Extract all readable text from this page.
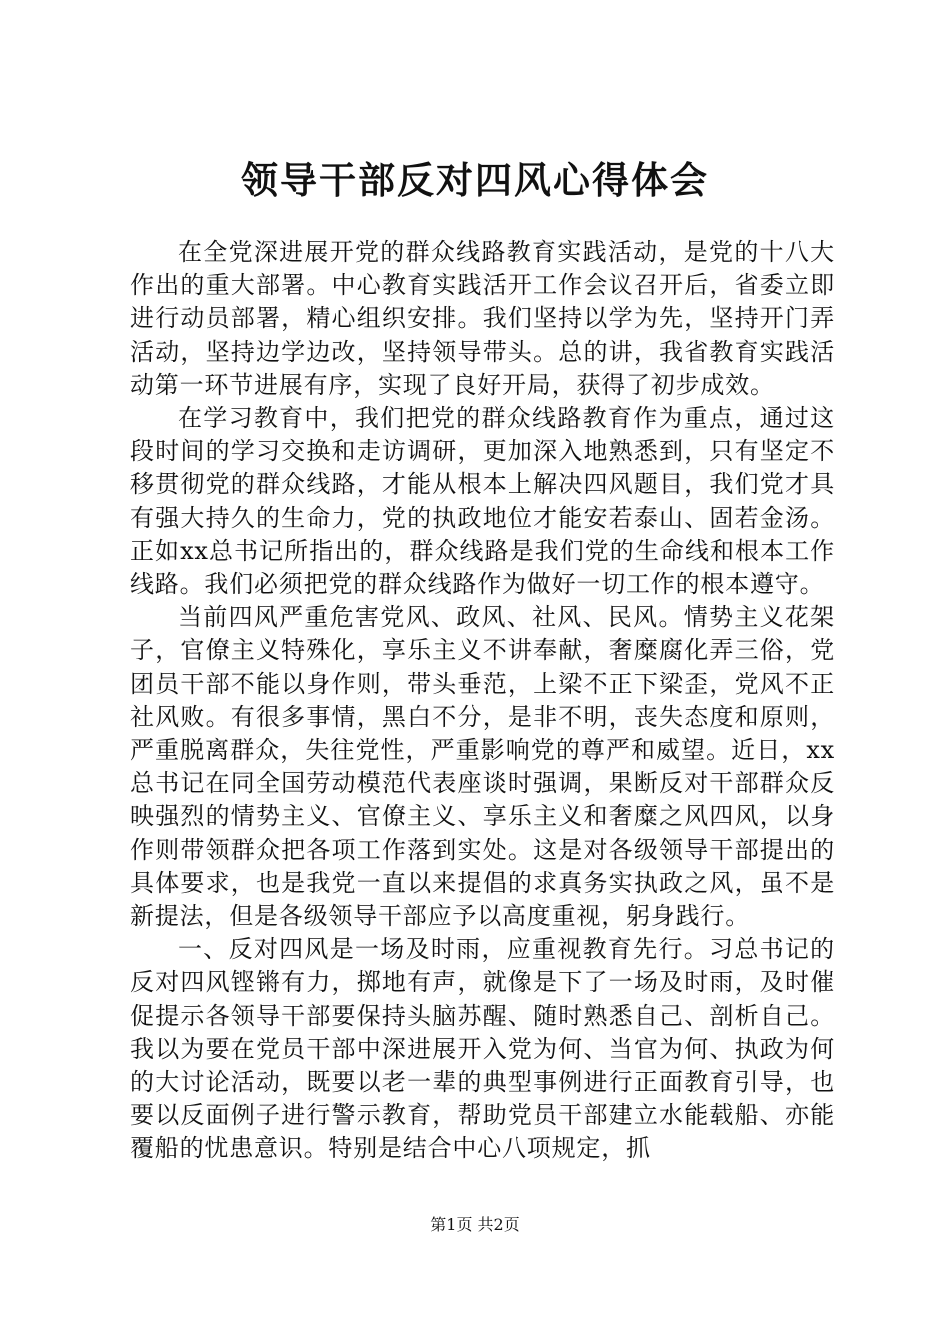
领导干部反对四风心得体会

在全党深进展开党的群众线路教育实践活动，是党的十八大作出的重大部署。中心教育实践活开工作会议召开后，省委立即进行动员部署，精心组织安排。我们坚持以学为先，坚持开门弄活动，坚持边学边改，坚持领导带头。总的讲，我省教育实践活动第一环节进展有序，实现了良好开局，获得了初步成效。

在学习教育中，我们把党的群众线路教育作为重点，通过这段时间的学习交换和走访调研，更加深入地熟悉到，只有坚定不移贯彻党的群众线路，才能从根本上解决四风题目，我们党才具有强大持久的生命力，党的执政地位才能安若泰山、固若金汤。正如xx总书记所指出的，群众线路是我们党的生命线和根本工作线路。我们必须把党的群众线路作为做好一切工作的根本遵守。

当前四风严重危害党风、政风、社风、民风。情势主义花架子，官僚主义特殊化，享乐主义不讲奉献，奢糜腐化弄三俗，党团员干部不能以身作则，带头垂范，上梁不正下梁歪，党风不正社风败。有很多事情，黑白不分，是非不明，丧失态度和原则，严重脱离群众，失往党性，严重影响党的尊严和威望。近日，xx总书记在同全国劳动模范代表座谈时强调，果断反对干部群众反映强烈的情势主义、官僚主义、享乐主义和奢糜之风四风，以身作则带领群众把各项工作落到实处。这是对各级领导干部提出的具体要求，也是我党一直以来提倡的求真务实执政之风，虽不是新提法，但是各级领导干部应予以高度重视，躬身践行。

一、反对四风是一场及时雨，应重视教育先行。习总书记的反对四风铿锵有力，掷地有声，就像是下了一场及时雨，及时催促提示各领导干部要保持头脑苏醒、随时熟悉自己、剖析自己。我以为要在党员干部中深进展开入党为何、当官为何、执政为何的大讨论活动，既要以老一辈的典型事例进行正面教育引导，也要以反面例子进行警示教育，帮助党员干部建立水能载船、亦能覆船的忧患意识。特别是结合中心八项规定，抓

第1页 共2页
